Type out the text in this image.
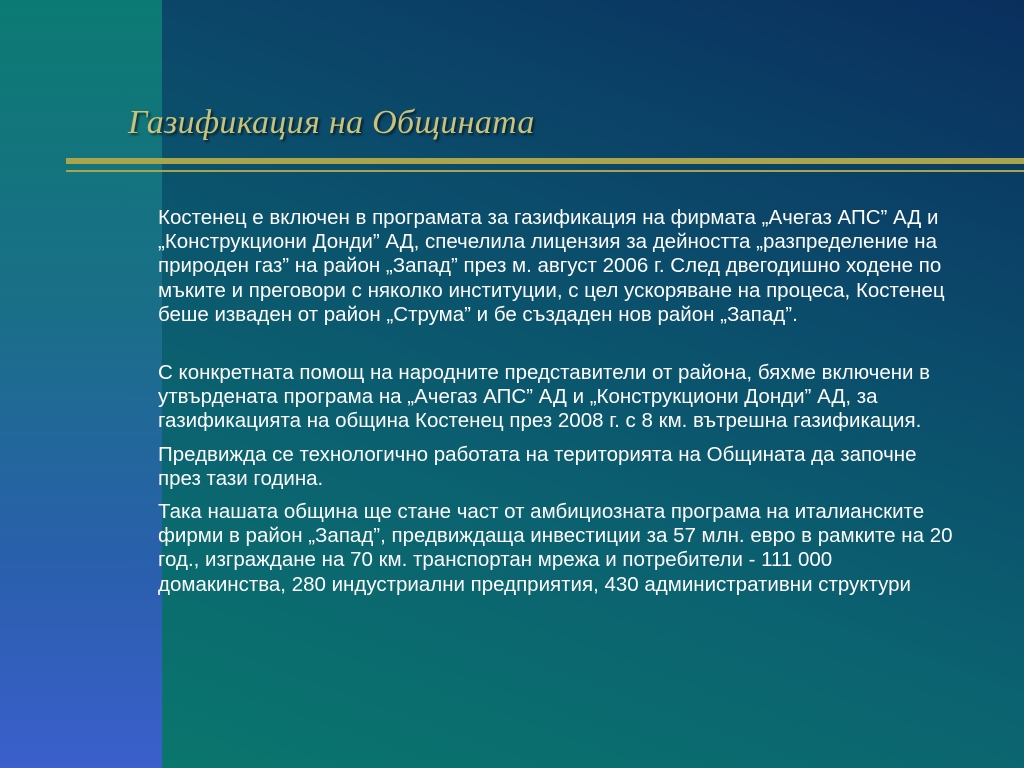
Газификация на Общината

Костенец е включен в програмата за газификация на фирмата „Ачегаз АПС” АД и „Конструкциони Донди” АД, спечелила лицензия за дейността „разпределение на природен газ” на район „Запад” през м. август 2006 г. След двегодишно ходене по мъките и преговори с няколко институции, с цел ускоряване на процеса, Костенец беше изваден от район „Струма” и бе създаден нов район „Запад”.

С конкретната помощ на народните представители от района, бяхме включени в утвърдената програма на „Ачегаз АПС” АД и „Конструкциони Донди” АД, за газификацията на община Костенец през 2008 г. с 8 км. вътрешна газификация.

Предвижда се технологично работата на територията на Общината да започне през тази година.

Така нашата община ще стане част от амбициозната програма на италианските фирми в район „Запад”, предвиждаща инвестиции за 57 млн. евро в рамките на 20 год., изграждане на 70 км. транспортан мрежа и потребители - 111 000 домакинства, 280 индустриални предприятия, 430 административни структури
